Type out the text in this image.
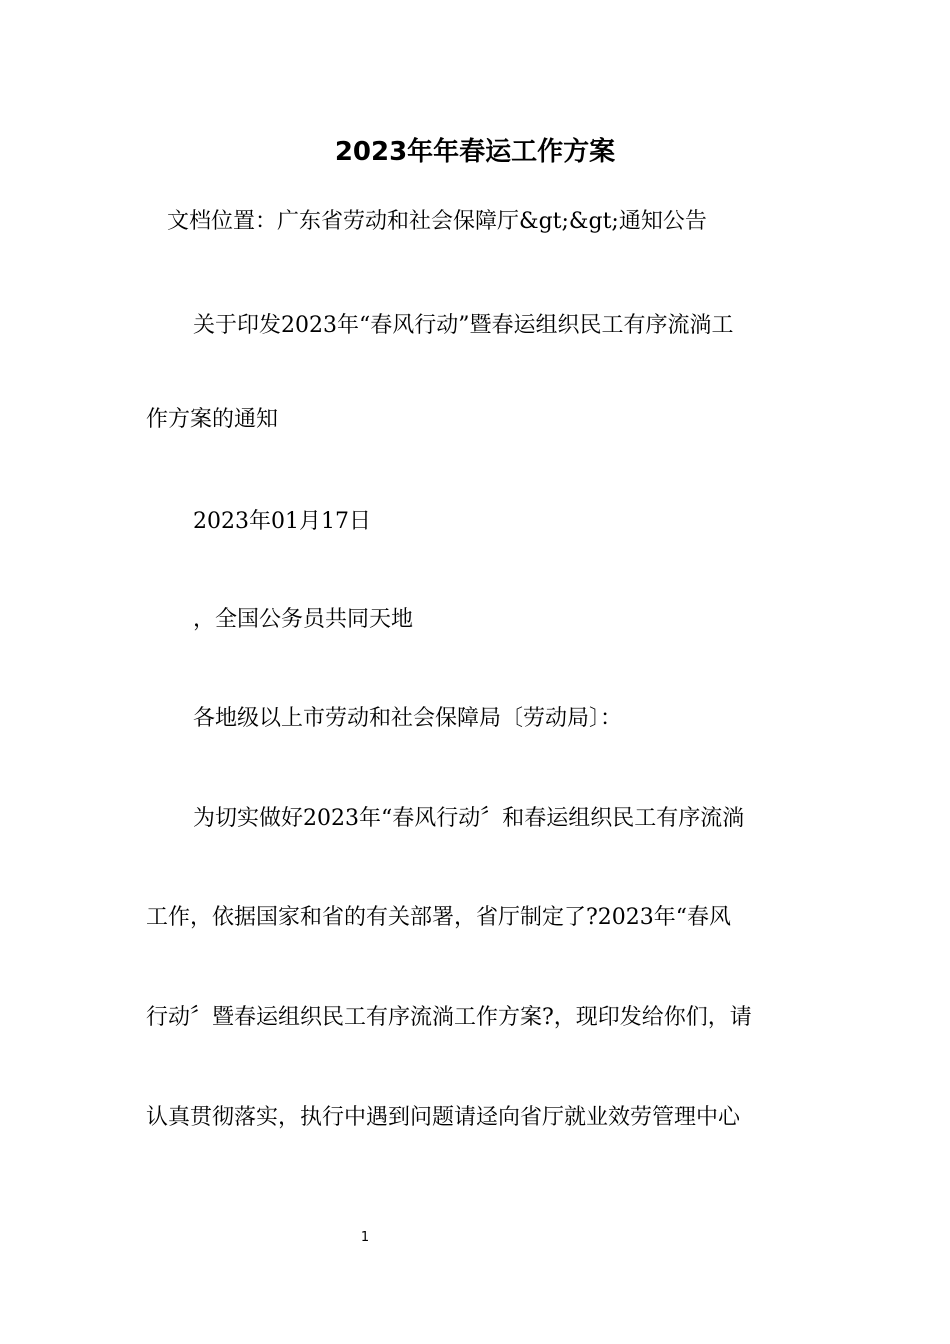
2023年年春运工作方案
文档位置：广东省劳动和社会保障厅&gt;&gt;通知公告
关于印发2023年“春风行动”暨春运组织民工有序流淌工
作方案的通知
2023年01月17日
，全国公务员共同天地
各地级以上市劳动和社会保障局〔劳动局〕：
为切实做好2023年“春风行动〞和春运组织民工有序流淌
工作，依据国家和省的有关部署，省厅制定了?2023年“春风
行动〞暨春运组织民工有序流淌工作方案?，现印发给你们，请
认真贯彻落实，执行中遇到问题请迳向省厅就业效劳管理中心
1
